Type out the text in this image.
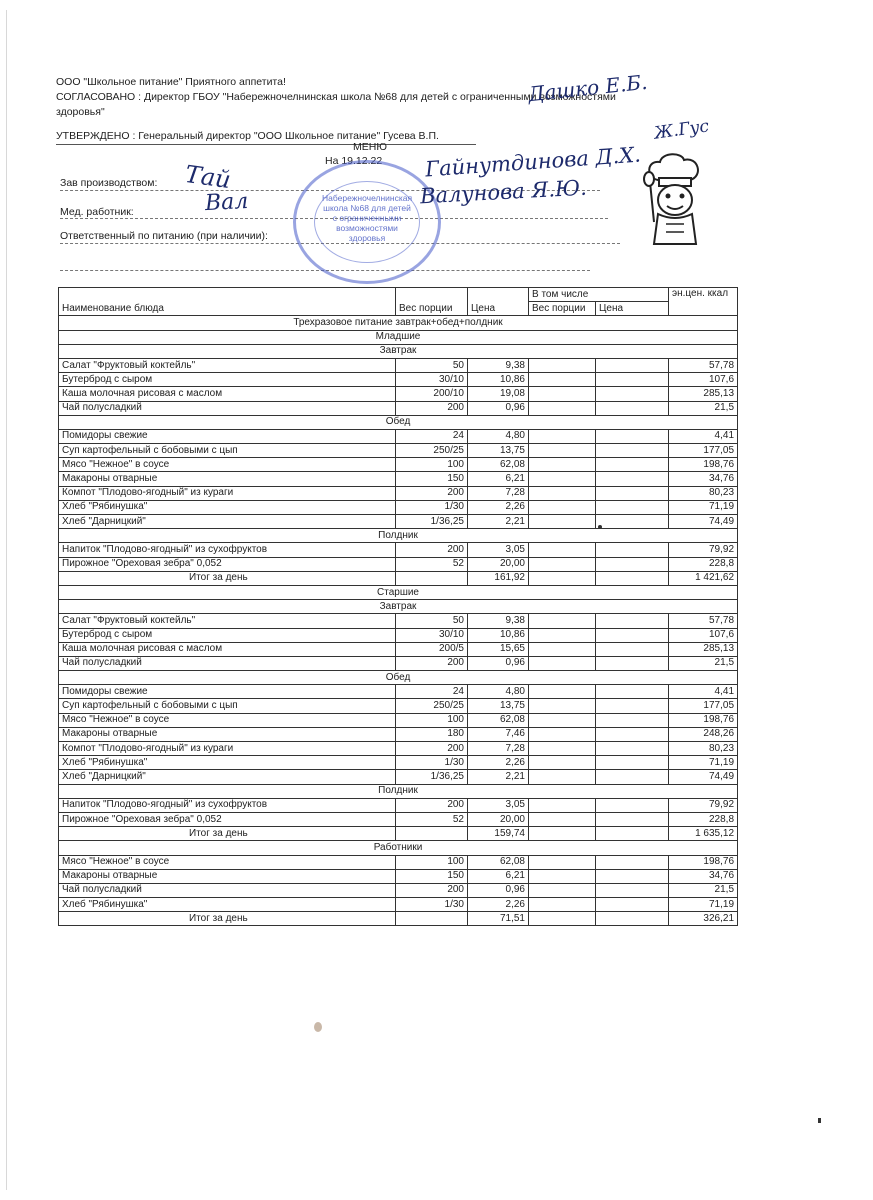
ООО "Школьное питание" Приятного аппетита!
СОГЛАСОВАНО : Директор ГБОУ "Набережночелнинская школа №68 для детей с ограниченными возможностями
здоровья"
УТВЕРЖДЕНО : Генеральный директор "ООО Школьное питание" Гусева В.П.
МЕНЮ
На 19.12.22
Зав производством:
Мед. работник:
Ответственный по питанию (при наличии):
Набережночелнинская школа №68 для детей с ограниченными возможностями здоровья
Дашко Е.Б.
Ж.Гус
Тай	Гайнутдинова Д.Х.
Вал	Валунова Я.Ю.
Наименование блюда	Вес порции	Цена	В том числе		эн.цен. ккал
			Вес порции	Цена	
Трехразовое питание завтрак+обед+полдник					
Младшие					
Завтрак					
Салат "Фруктовый коктейль"	50	9,38			57,78
Бутерброд с сыром	30/10	10,86			107,6
Каша молочная рисовая с маслом	200/10	19,08			285,13
Чай полусладкий	200	0,96			21,5
Обед					
Помидоры свежие	24	4,80			4,41
Суп картофельный с бобовыми с цып	250/25	13,75			177,05
Мясо "Нежное" в соусе	100	62,08			198,76
Макароны отварные	150	6,21			34,76
Компот "Плодово-ягодный" из кураги	200	7,28			80,23
Хлеб "Рябинушка"	1/30	2,26			71,19
Хлеб "Дарницкий"	1/36,25	2,21			74,49
Полдник					
Напиток "Плодово-ягодный" из сухофруктов	200	3,05			79,92
Пирожное "Ореховая зебра" 0,052	52	20,00			228,8
Итог за день		161,92			1 421,62
Старшие					
Завтрак					
Салат "Фруктовый коктейль"	50	9,38			57,78
Бутерброд с сыром	30/10	10,86			107,6
Каша молочная рисовая с маслом	200/5	15,65			285,13
Чай полусладкий	200	0,96			21,5
Обед					
Помидоры свежие	24	4,80			4,41
Суп картофельный с бобовыми с цып	250/25	13,75			177,05
Мясо "Нежное" в соусе	100	62,08			198,76
Макароны отварные	180	7,46			248,26
Компот "Плодово-ягодный" из кураги	200	7,28			80,23
Хлеб "Рябинушка"	1/30	2,26			71,19
Хлеб "Дарницкий"	1/36,25	2,21			74,49
Полдник					
Напиток "Плодово-ягодный" из сухофруктов	200	3,05			79,92
Пирожное "Ореховая зебра" 0,052	52	20,00			228,8
Итог за день		159,74			1 635,12
Работники					
Мясо "Нежное" в соусе	100	62,08			198,76
Макароны отварные	150	6,21			34,76
Чай полусладкий	200	0,96			21,5
Хлеб "Рябинушка"	1/30	2,26			71,19
Итог за день		71,51			326,21
